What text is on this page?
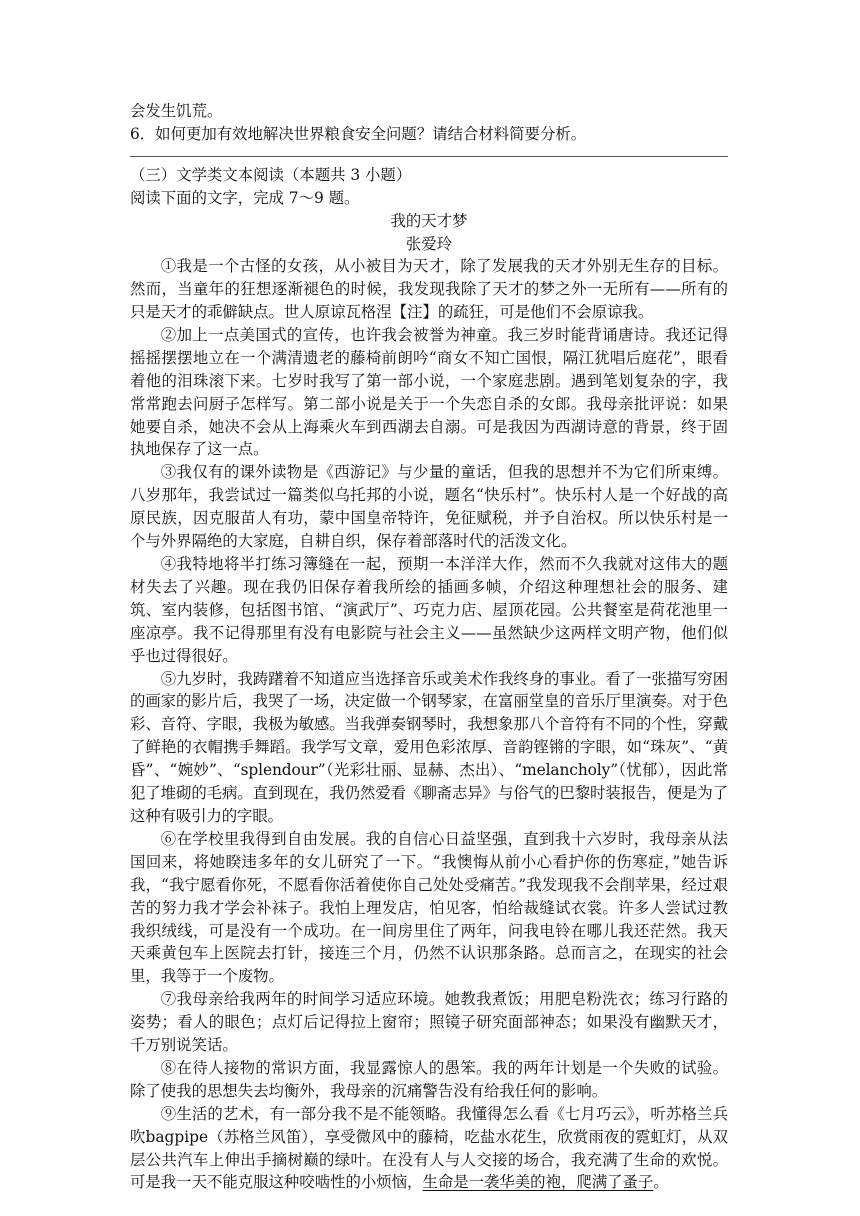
会发生饥荒。

6．如何更加有效地解决世界粮食安全问题？请结合材料简要分析。

（三）文学类文本阅读（本题共 3 小题）

阅读下面的文字，完成 7～9 题。

我的天才梦

张爱玲

①我是一个古怪的女孩，从小被目为天才，除了发展我的天才外别无生存的目标。然而，当童年的狂想逐渐褪色的时候，我发现我除了天才的梦之外一无所有——所有的只是天才的乖僻缺点。世人原谅瓦格涅【注】的疏狂，可是他们不会原谅我。

②加上一点美国式的宣传，也许我会被誉为神童。我三岁时能背诵唐诗。我还记得摇摇摆摆地立在一个满清遗老的藤椅前朗吟“商女不知亡国恨，隔江犹唱后庭花”，眼看着他的泪珠滚下来。七岁时我写了第一部小说，一个家庭悲剧。遇到笔划复杂的字，我常常跑去问厨子怎样写。第二部小说是关于一个失恋自杀的女郎。我母亲批评说：如果她要自杀，她决不会从上海乘火车到西湖去自溺。可是我因为西湖诗意的背景，终于固执地保存了这一点。

③我仅有的课外读物是《西游记》与少量的童话，但我的思想并不为它们所束缚。八岁那年，我尝试过一篇类似乌托邦的小说，题名“快乐村”。快乐村人是一个好战的高原民族，因克服苗人有功，蒙中国皇帝特许，免征赋税，并予自治权。所以快乐村是一个与外界隔绝的大家庭，自耕自织，保存着部落时代的活泼文化。

④我特地将半打练习簿缝在一起，预期一本洋洋大作，然而不久我就对这伟大的题材失去了兴趣。现在我仍旧保存着我所绘的插画多帧，介绍这种理想社会的服务、建筑、室内装修，包括图书馆、“演武厅”、巧克力店、屋顶花园。公共餐室是荷花池里一座凉亭。我不记得那里有没有电影院与社会主义——虽然缺少这两样文明产物，他们似乎也过得很好。

⑤九岁时，我踌躇着不知道应当选择音乐或美术作我终身的事业。看了一张描写穷困的画家的影片后，我哭了一场，决定做一个钢琴家，在富丽堂皇的音乐厅里演奏。对于色彩、音符、字眼，我极为敏感。当我弹奏钢琴时，我想象那八个音符有不同的个性，穿戴了鲜艳的衣帽携手舞蹈。我学写文章，爱用色彩浓厚、音韵铿锵的字眼，如“珠灰”、“黄昏”、“婉妙”、“splendour”（光彩壮丽、显赫、杰出）、“melancholy”（忧郁），因此常犯了堆砌的毛病。直到现在，我仍然爱看《聊斋志异》与俗气的巴黎时装报告，便是为了这种有吸引力的字眼。

⑥在学校里我得到自由发展。我的自信心日益坚强，直到我十六岁时，我母亲从法国回来，将她睽违多年的女儿研究了一下。“我懊悔从前小心看护你的伤寒症，”她告诉我，“我宁愿看你死，不愿看你活着使你自己处处受痛苦。”我发现我不会削苹果，经过艰苦的努力我才学会补袜子。我怕上理发店，怕见客，怕给裁缝试衣裳。许多人尝试过教我织绒线，可是没有一个成功。在一间房里住了两年，问我电铃在哪儿我还茫然。我天天乘黄包车上医院去打针，接连三个月，仍然不认识那条路。总而言之，在现实的社会里，我等于一个废物。

⑦我母亲给我两年的时间学习适应环境。她教我煮饭；用肥皂粉洗衣；练习行路的姿势；看人的眼色；点灯后记得拉上窗帘；照镜子研究面部神态；如果没有幽默天才，千万别说笑话。

⑧在待人接物的常识方面，我显露惊人的愚笨。我的两年计划是一个失败的试验。除了使我的思想失去均衡外，我母亲的沉痛警告没有给我任何的影响。

⑨生活的艺术，有一部分我不是不能领略。我懂得怎么看《七月巧云》，听苏格兰兵吹bagpipe（苏格兰风笛），享受微风中的藤椅，吃盐水花生，欣赏雨夜的霓虹灯，从双层公共汽车上伸出手摘树巅的绿叶。在没有人与人交接的场合，我充满了生命的欢悦。可是我一天不能克服这种咬啮性的小烦恼，生命是一袭华美的袍，爬满了蚤子。
